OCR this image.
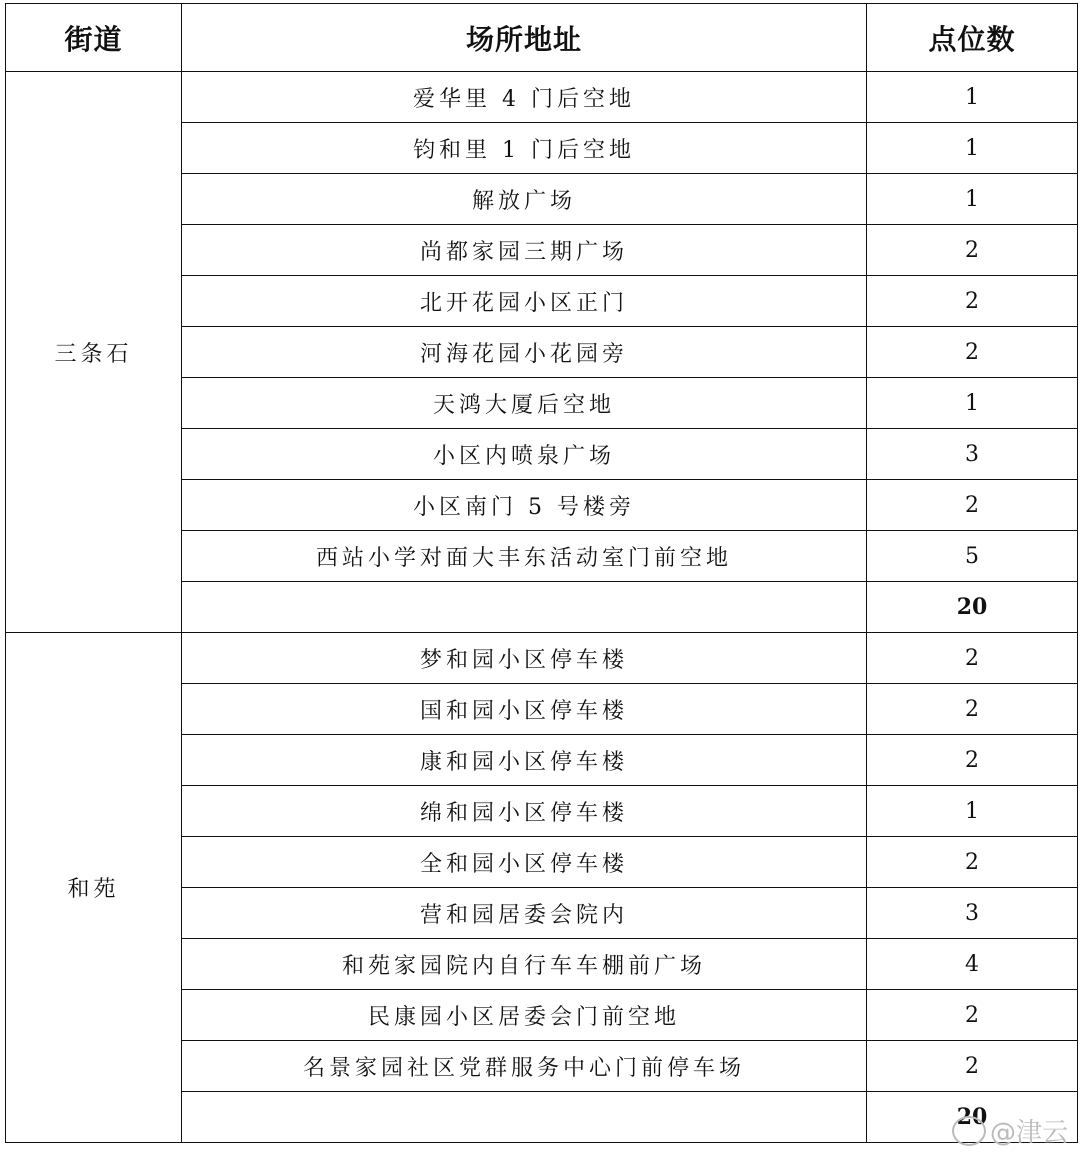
街道	场所地址	点位数
三条石	爱华里 4 门后空地	1
	钧和里 1 门后空地	1
	解放广场	1
	尚都家园三期广场	2
	北开花园小区正门	2
	河海花园小花园旁	2
	天鸿大厦后空地	1
	小区内喷泉广场	3
	小区南门 5 号楼旁	2
	西站小学对面大丰东活动室门前空地	5
		20
和苑	梦和园小区停车楼	2
	国和园小区停车楼	2
	康和园小区停车楼	2
	绵和园小区停车楼	1
	全和园小区停车楼	2
	营和园居委会院内	3
	和苑家园院内自行车车棚前广场	4
	民康园小区居委会门前空地	2
	名景家园社区党群服务中心门前停车场	2
		20
@津云
